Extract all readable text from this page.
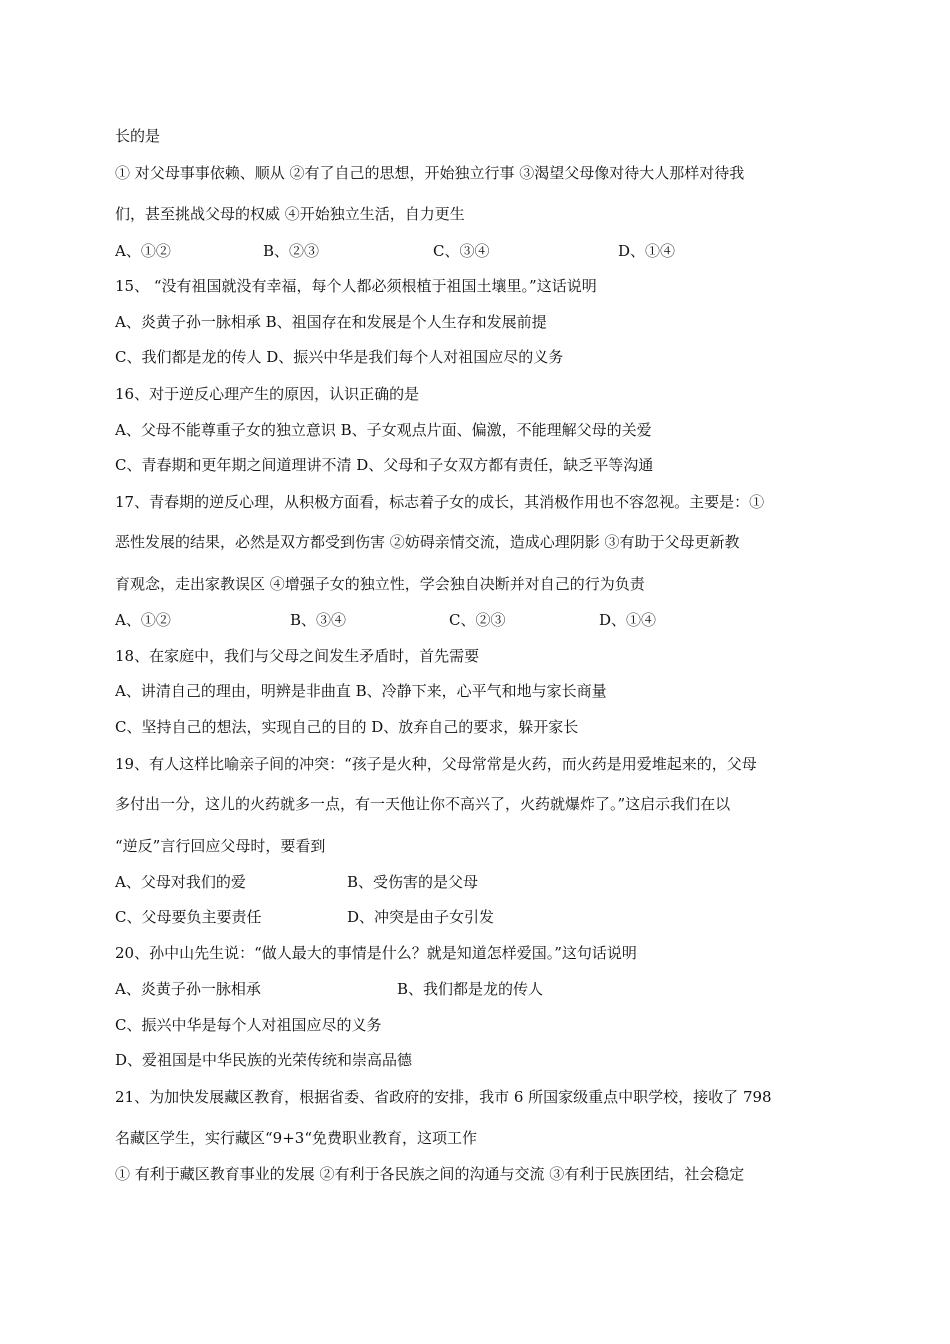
长的是
① 对父母事事依赖、顺从 ②有了自己的思想，开始独立行事 ③渴望父母像对待大人那样对待我
们，甚至挑战父母的权威 ④开始独立生活，自力更生
A、①②	B、②③	C、③④	D、①④
15、 “没有祖国就没有幸福，每个人都必须根植于祖国土壤里。”这话说明
A、炎黄子孙一脉相承 B、祖国存在和发展是个人生存和发展前提
C、我们都是龙的传人 D、振兴中华是我们每个人对祖国应尽的义务
16、对于逆反心理产生的原因，认识正确的是
A、父母不能尊重子女的独立意识 B、子女观点片面、偏激，不能理解父母的关爱
C、青春期和更年期之间道理讲不清 D、父母和子女双方都有责任，缺乏平等沟通
17、青春期的逆反心理，从积极方面看，标志着子女的成长，其消极作用也不容忽视。主要是：①
恶性发展的结果，必然是双方都受到伤害 ②妨碍亲情交流，造成心理阴影 ③有助于父母更新教
育观念，走出家教误区 ④增强子女的独立性，学会独自决断并对自己的行为负责
A、①②	B、③④	C、②③	D、①④
18、在家庭中，我们与父母之间发生矛盾时，首先需要
A、讲清自己的理由，明辨是非曲直 B、冷静下来，心平气和地与家长商量
C、坚持自己的想法，实现自己的目的 D、放弃自己的要求，躲开家长
19、有人这样比喻亲子间的冲突：“孩子是火种，父母常常是火药，而火药是用爱堆起来的，父母
多付出一分，这儿的火药就多一点，有一天他让你不高兴了，火药就爆炸了。”这启示我们在以
“逆反”言行回应父母时，要看到
A、父母对我们的爱	B、受伤害的是父母
C、父母要负主要责任	D、冲突是由子女引发
20、孙中山先生说：“做人最大的事情是什么？就是知道怎样爱国。”这句话说明
A、炎黄子孙一脉相承	B、我们都是龙的传人
C、振兴中华是每个人对祖国应尽的义务
D、爱祖国是中华民族的光荣传统和崇高品德
21、为加快发展藏区教育，根据省委、省政府的安排，我市 6 所国家级重点中职学校，接收了 798
名藏区学生，实行藏区“9+3“免费职业教育，这项工作
① 有利于藏区教育事业的发展 ②有利于各民族之间的沟通与交流 ③有利于民族团结，社会稳定
